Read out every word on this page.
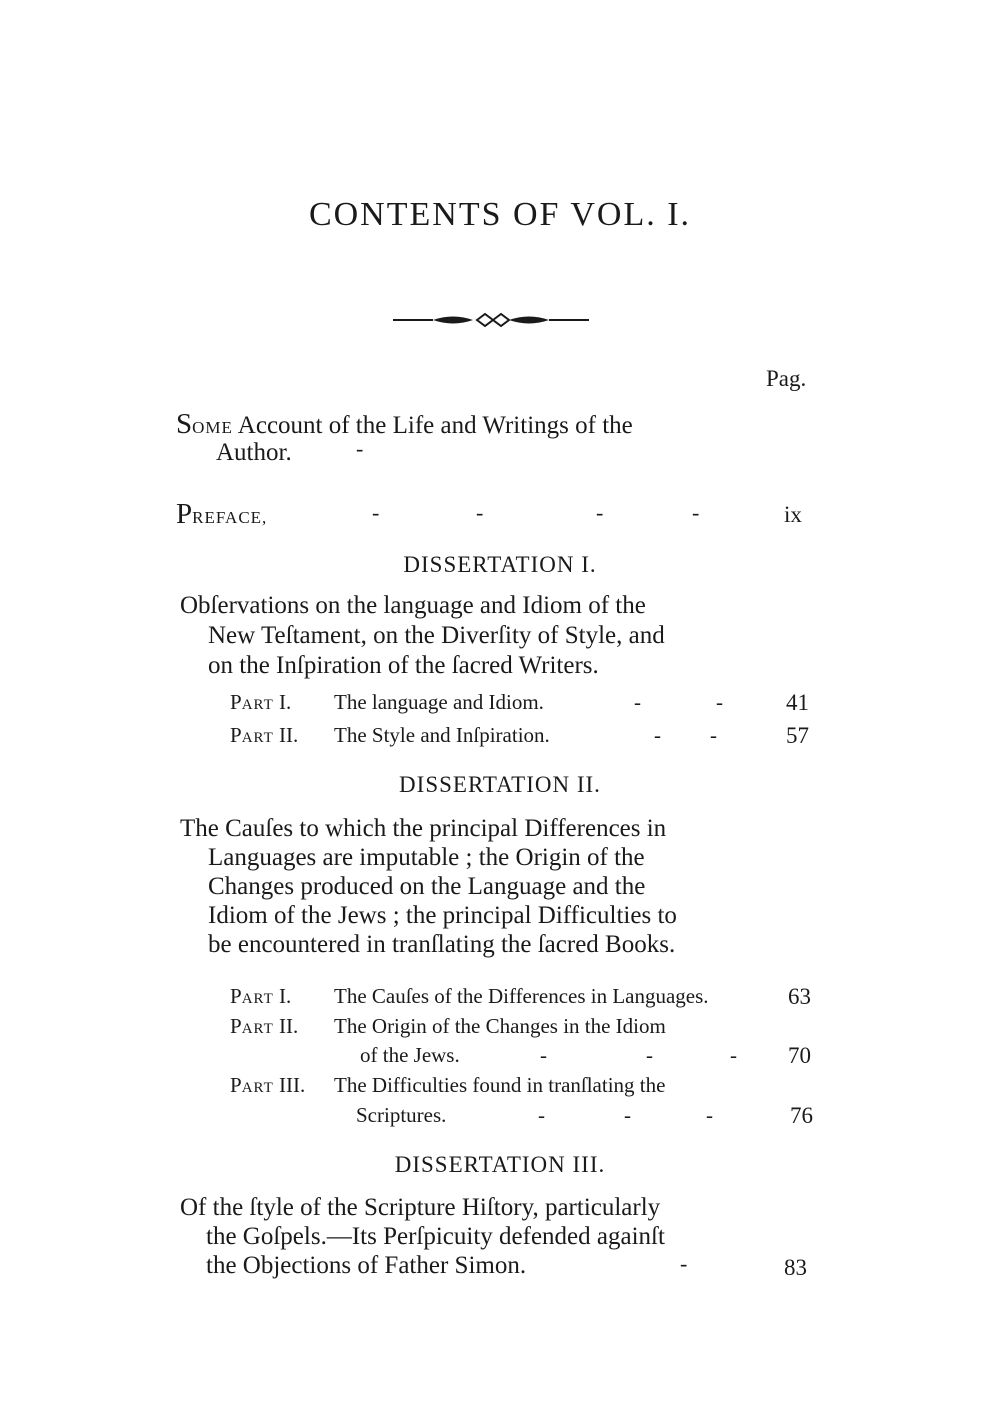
CONTENTS OF VOL. I.
Pag.
SOME Account of the Life and Writings of the
Author.	-
PREFACE,	-	-	-	-	ix
DISSERTATION I.
Obſervations on the language and Idiom of the
New Teſtament, on the Diverſity of Style, and
on the Inſpiration of the ſacred Writers.
PART I. The language and Idiom.	-	-	41
PART II. The Style and Inſpiration.	- -	57
DISSERTATION II.
The Cauſes to which the principal Differences in
Languages are imputable ; the Origin of the
Changes produced on the Language and the
Idiom of the Jews ; the principal Difficulties to
be encountered in tranſlating the ſacred Books.
PART I. The Cauſes of the Differences in Languages.	63
PART II. The Origin of the Changes in the Idiom
of the Jews.	-	-	- 70
PART III. The Difficulties found in tranſlating the
Scriptures.	-	-	-	76
DISSERTATION III.
Of the ſtyle of the Scripture Hiſtory, particularly
the Goſpels.—Its Perſpicuity defended againſt
the Objections of Father Simon.	-	83
